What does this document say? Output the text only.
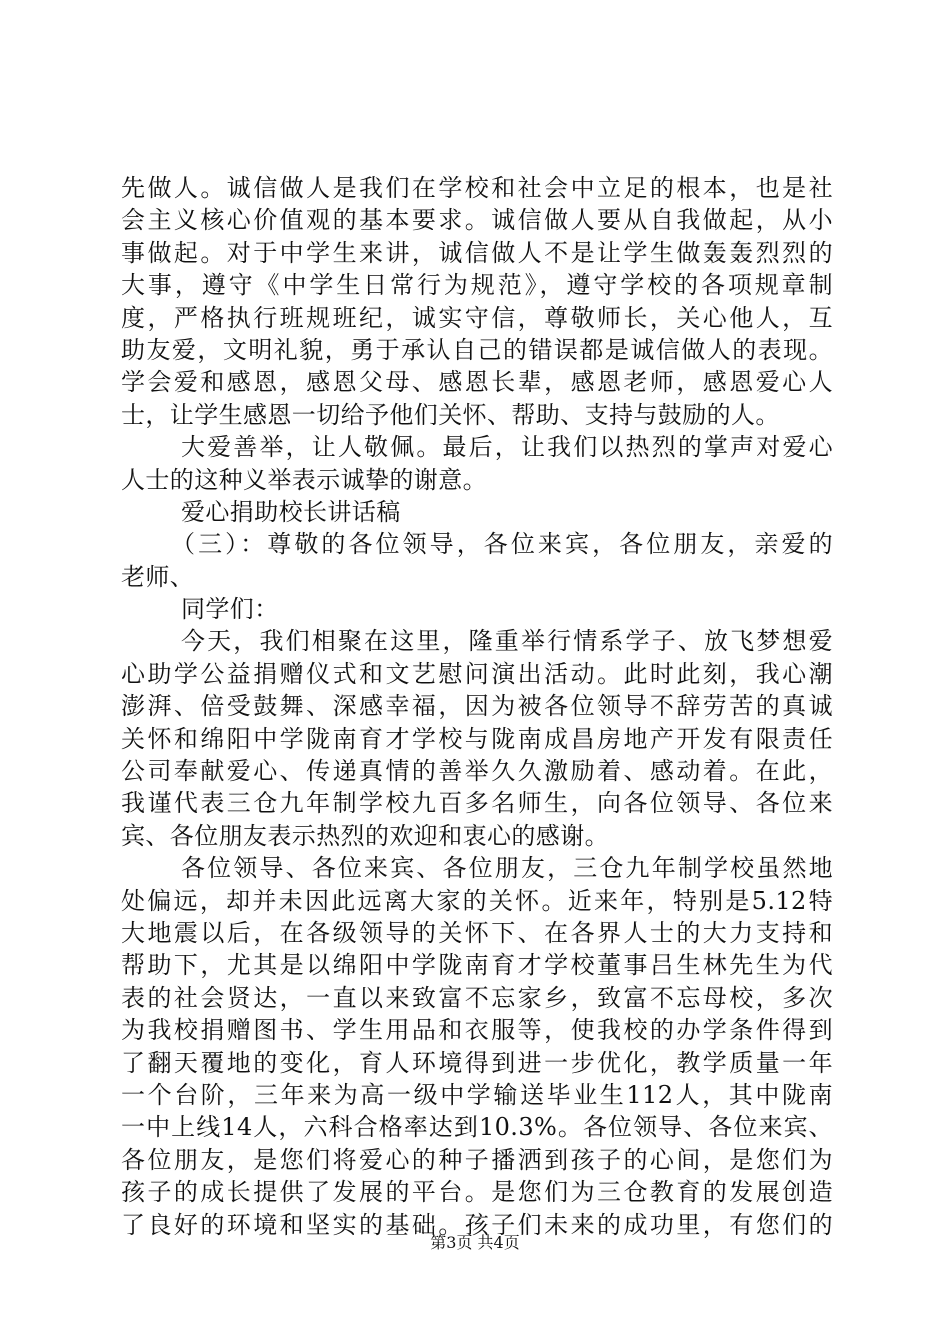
先做人。诚信做人是我们在学校和社会中立足的根本，也是社
会主义核心价值观的基本要求。诚信做人要从自我做起，从小
事做起。对于中学生来讲，诚信做人不是让学生做轰轰烈烈的
大事，遵守《中学生日常行为规范》，遵守学校的各项规章制
度，严格执行班规班纪，诚实守信，尊敬师长，关心他人，互
助友爱，文明礼貌，勇于承认自己的错误都是诚信做人的表现。
学会爱和感恩，感恩父母、感恩长辈，感恩老师，感恩爱心人
士，让学生感恩一切给予他们关怀、帮助、支持与鼓励的人。
大爱善举，让人敬佩。最后，让我们以热烈的掌声对爱心
人士的这种义举表示诚挚的谢意。
爱心捐助校长讲话稿
（三）：尊敬的各位领导，各位来宾，各位朋友，亲爱的
老师、
同学们：
今天，我们相聚在这里，隆重举行情系学子、放飞梦想爱
心助学公益捐赠仪式和文艺慰问演出活动。此时此刻，我心潮
澎湃、倍受鼓舞、深感幸福，因为被各位领导不辞劳苦的真诚
关怀和绵阳中学陇南育才学校与陇南成昌房地产开发有限责任
公司奉献爱心、传递真情的善举久久激励着、感动着。在此，
我谨代表三仓九年制学校九百多名师生，向各位领导、各位来
宾、各位朋友表示热烈的欢迎和衷心的感谢。
各位领导、各位来宾、各位朋友，三仓九年制学校虽然地
处偏远，却并未因此远离大家的关怀。近来年，特别是5.12特
大地震以后，在各级领导的关怀下、在各界人士的大力支持和
帮助下，尤其是以绵阳中学陇南育才学校董事吕生林先生为代
表的社会贤达，一直以来致富不忘家乡，致富不忘母校，多次
为我校捐赠图书、学生用品和衣服等，使我校的办学条件得到
了翻天覆地的变化，育人环境得到进一步优化，教学质量一年
一个台阶，三年来为高一级中学输送毕业生112人，其中陇南
一中上线14人，六科合格率达到10.3%。各位领导、各位来宾、
各位朋友，是您们将爱心的种子播洒到孩子的心间，是您们为
孩子的成长提供了发展的平台。是您们为三仓教育的发展创造
了良好的环境和坚实的基础。孩子们未来的成功里，有您们的
第3页 共4页
